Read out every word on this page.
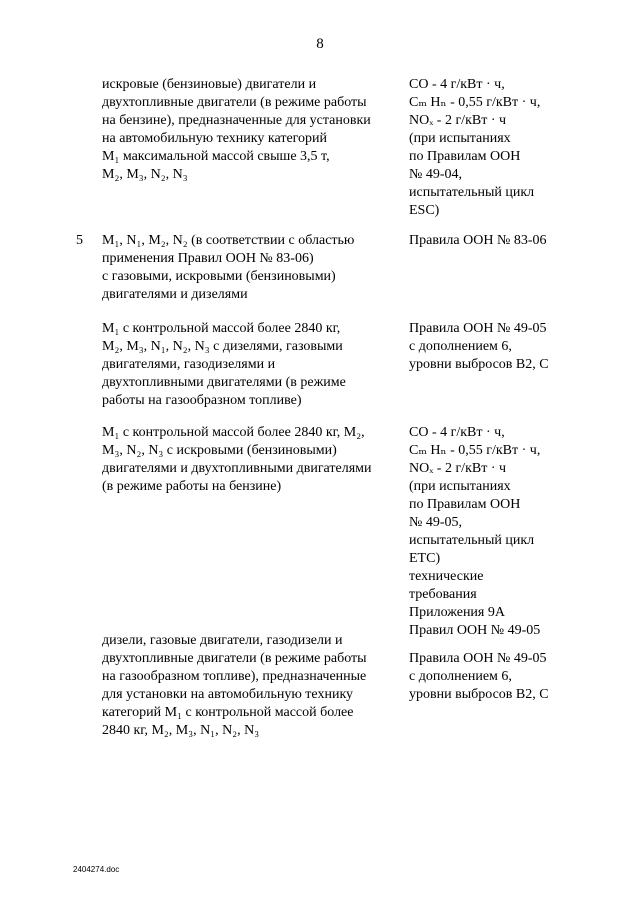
8
искровые (бензиновые) двигатели и
двухтопливные двигатели (в режиме работы
на бензине), предназначенные для установки
на автомобильную технику категорий
M₁ максимальной массой свыше 3,5 т,
M₂, M₃, N₂, N₃
CO - 4 г/кВт · ч,
Cₘ Hₙ - 0,55 г/кВт · ч,
NOₓ - 2 г/кВт · ч
(при испытаниях
по Правилам ООН
№ 49-04,
испытательный цикл
ESC)
5 M₁, N₁, M₂, N₂ (в соответствии с областью
применения Правил ООН № 83-06)
с газовыми, искровыми (бензиновыми)
двигателями и дизелями
Правила ООН № 83-06
M₁ с контрольной массой более 2840 кг,
M₂, M₃, N₁, N₂, N₃ с дизелями, газовыми
двигателями, газодизелями и
двухтопливными двигателями (в режиме
работы на газообразном топливе)
Правила ООН № 49-05
с дополнением 6,
уровни выбросов B2, C
M₁ с контрольной массой более 2840 кг, M₂,
M₃, N₂, N₃ с искровыми (бензиновыми)
двигателями и двухтопливными двигателями
(в режиме работы на бензине)
CO - 4 г/кВт · ч,
Cₘ Hₙ - 0,55 г/кВт · ч,
NOₓ - 2 г/кВт · ч
(при испытаниях
по Правилам ООН
№ 49-05,
испытательный цикл
ETC)
технические
требования
Приложения 9A
Правил ООН № 49-05
дизели, газовые двигатели, газодизели и
двухтопливные двигатели (в режиме работы
на газообразном топливе), предназначенные
для установки на автомобильную технику
категорий M₁ с контрольной массой более
2840 кг, M₂, M₃, N₁, N₂, N₃
Правила ООН № 49-05
с дополнением 6,
уровни выбросов B2, C
2404274.doc
